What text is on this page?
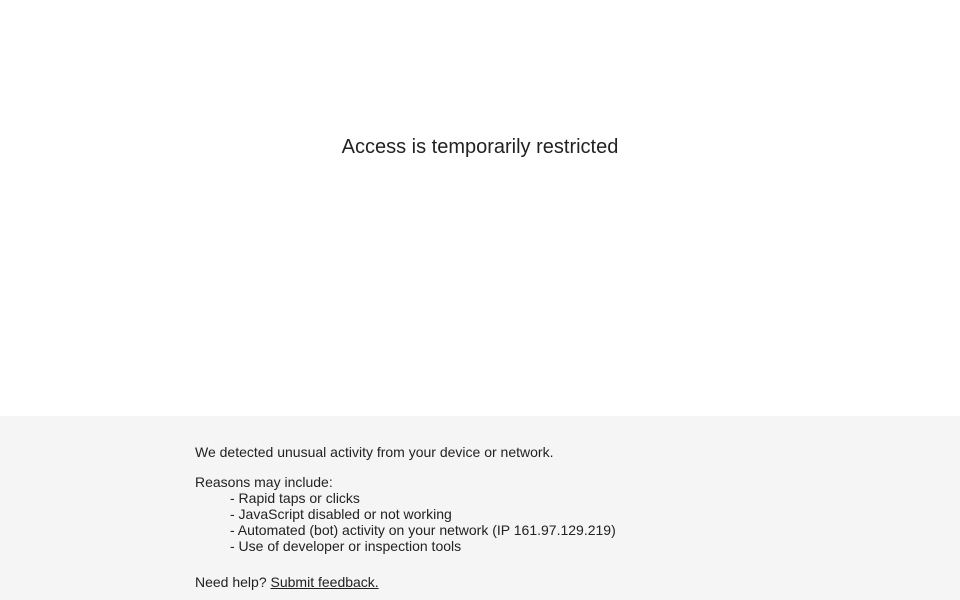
Access is temporarily restricted

We detected unusual activity from your device or network.

Reasons may include:

- Rapid taps or clicks
- JavaScript disabled or not working
- Automated (bot) activity on your network (IP 161.97.129.219)
- Use of developer or inspection tools

Need help? Submit feedback.
